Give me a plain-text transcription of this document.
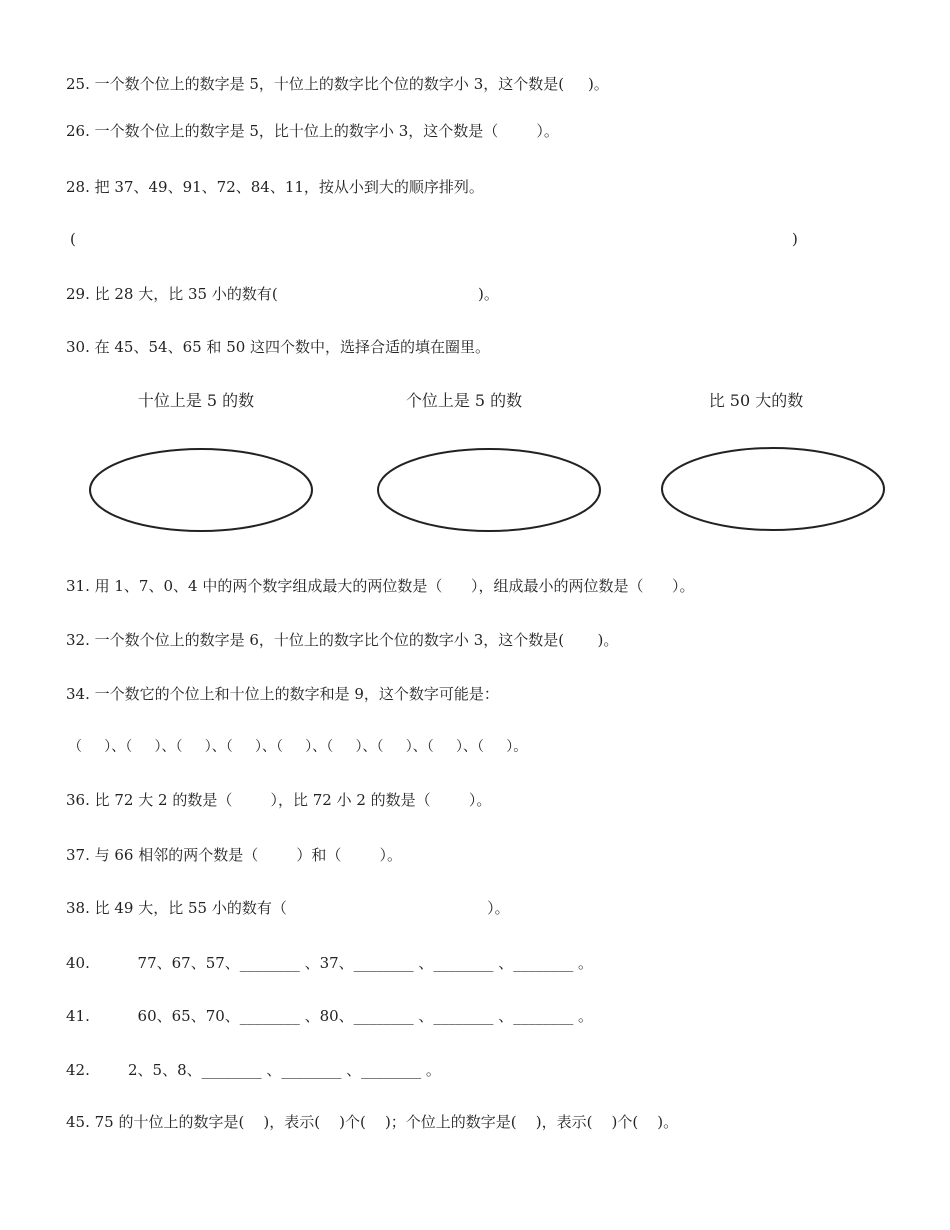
25. 一个数个位上的数字是 5，十位上的数字比个位的数字小 3，这个数是(     )。
26. 一个数个位上的数字是 5，比十位上的数字小 3，这个数是（        ）。
28. 把 37、49、91、72、84、11，按从小到大的顺序排列。
(	)
29. 比 28 大，比 35 小的数有(                                          )。
30. 在 45、54、65 和 50 这四个数中，选择合适的填在圈里。
十位上是 5 的数	个位上是 5 的数	比 50 大的数
31. 用 1、7、0、4 中的两个数字组成最大的两位数是（      ），组成最小的两位数是（      ）。
32. 一个数个位上的数字是 6，十位上的数字比个位的数字小 3，这个数是(       )。
34. 一个数它的个位上和十位上的数字和是 9，这个数字可能是：
（     ）、（     ）、（     ）、（     ）、（     ）、（     ）、（     ）、（     ）、（     ）。
36. 比 72 大 2 的数是（        ），比 72 小 2 的数是（        ）。
37. 与 66 相邻的两个数是（        ）和（        ）。
38. 比 49 大，比 55 小的数有（                                          ）。
40.          77、67、57、________ 、37、________ 、________ 、________ 。
41.          60、65、70、________ 、80、________ 、________ 、________ 。
42.        2、5、8、________ 、________ 、________ 。
45. 75 的十位上的数字是(    )，表示(    )个(    )；个位上的数字是(    )，表示(    )个(    )。
